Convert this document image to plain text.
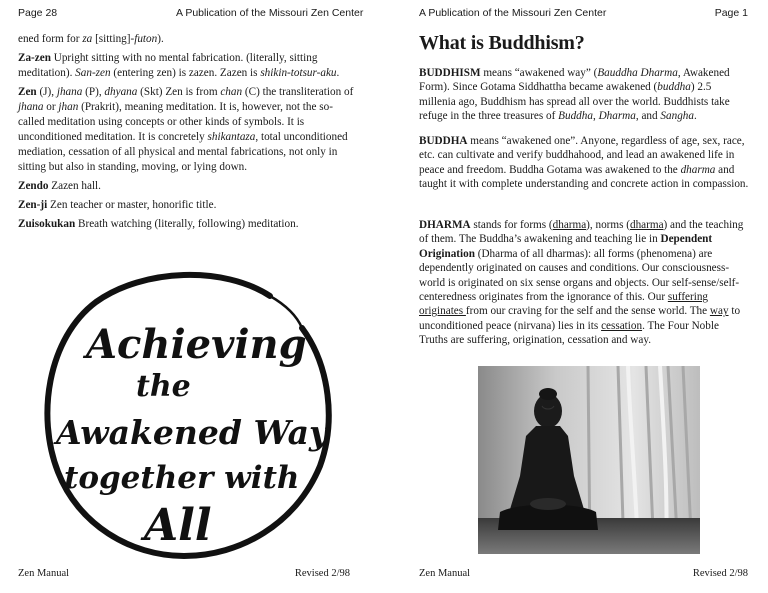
Page 28	A Publication of the Missouri Zen Center

ened form for za [sitting]-futon).

Za-zen Upright sitting with no mental fabrication. (literally, sitting meditation). San-zen (entering zen) is zazen. Zazen is shikin-totsur-aku.

Zen (J), jhana (P), dhyana (Skt) Zen is from chan (C) the transliteration of jhana or jhan (Prakrit), meaning meditation. It is, however, not the so-called meditation using concepts or other kinds of symbols. It is unconditioned meditation. It is concretely shikantaza, total unconditioned mediation, cessation of all physical and mental fabrications, not only in sitting but also in standing, moving, or lying down.

Zendo Zazen hall.

Zen-ji Zen teacher or master, honorific title.

Zuisokukan Breath watching (literally, following) meditation.

Achieving
the
Awakened Way
together with
All
Zen Manual	Revised 2/98
A Publication of the Missouri Zen Center	Page 1
What is Buddhism?

BUDDHISM means “awakened way” (Bauddha Dharma, Awakened Form). Since Gotama Siddhattha became awakened (buddha) 2.5 millenia ago, Buddhism has spread all over the world. Buddhists take refuge in the three treasures of Buddha, Dharma, and Sangha.

BUDDHA means “awakened one”. Anyone, regardless of age, sex, race, etc. can cultivate and verify buddhahood, and lead an awakened life in peace and freedom. Buddha Gotama was awakened to the dharma and taught it with complete understanding and concrete action in compassion.

DHARMA stands for forms (dharma), norms (dharma) and the teaching of them. The Buddha’s awakening and teaching lie in Dependent Origination (Dharma of all dharmas): all forms (phenomena) are dependently originated on causes and conditions. Our consciousness-world is originated on six sense organs and objects. Our self-sense/self-centeredness originates from the ignorance of this. Our suffering originates from our craving for the self and the sense world. The way to unconditioned peace (nirvana) lies in its cessation. The Four Noble Truths are suffering, origination, cessation and way.

Zen Manual	Revised 2/98
